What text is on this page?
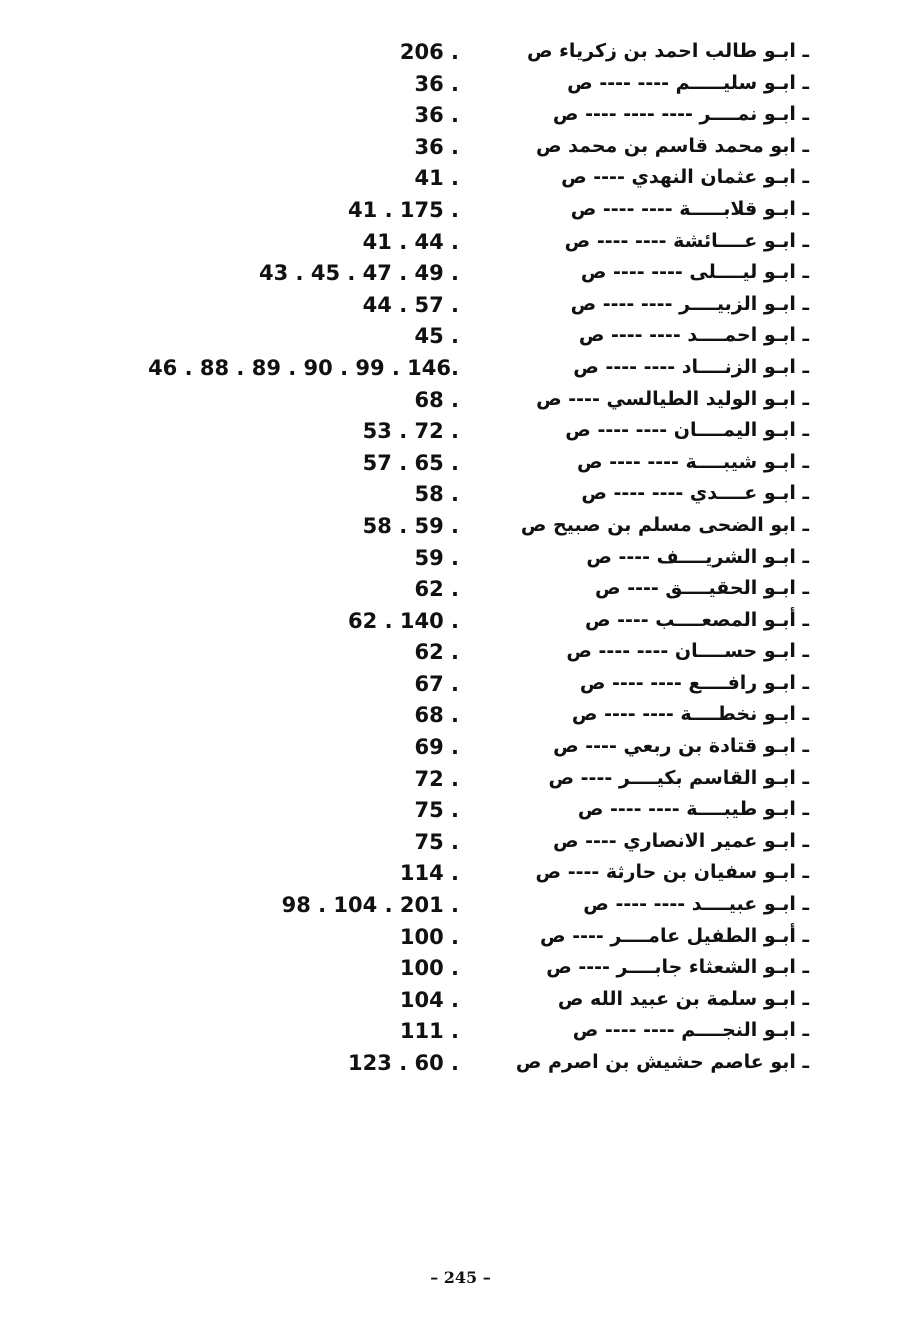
ـ ابـو طالب احمد بن زكرياء ص
206 .
ـ ابـو سليـــــم ---- ---- ص
36 .
ـ ابـو نمــــر ---- ---- ---- ص
36 .
ـ ابو محمد قاسم بن محمد ص
36 .
ـ ابـو عثمان النهدي ---- ص
41 .
ـ ابـو قلابـــــة ---- ---- ص
41 . 175 .
ـ ابـو عــــائشة ---- ---- ص
41 . 44 .
ـ ابـو ليــــلى ---- ---- ص
43 . 45 . 47 . 49 .
ـ ابـو الزبيــــر ---- ---- ص
44 . 57 .
ـ ابـو احمــــد ---- ---- ص
45 .
ـ ابـو الزنــــاد ---- ---- ص
46 . 88 . 89 . 90 . 99 . 146.
ـ ابـو الوليد الطيالسي ---- ص
68 .
ـ ابـو اليمــــان ---- ---- ص
53 . 72 .
ـ ابـو شيبــــة ---- ---- ص
57 . 65 .
ـ ابـو عــــدي ---- ---- ص
58 .
ـ ابو الضحى مسلم بن صبيح ص
58 . 59 .
ـ ابـو الشريــــف ---- ص
59 .
ـ ابـو الحقيــــق ---- ص
62 .
ـ أبـو المصعــــب ---- ص
62 . 140 .
ـ ابـو حســــان ---- ---- ص
62 .
ـ ابـو رافــــع ---- ---- ص
67 .
ـ ابـو نخطــــة ---- ---- ص
68 .
ـ ابـو قتادة بن ربعي ---- ص
69 .
ـ ابـو القاسم بكيــــر ---- ص
72 .
ـ ابـو طيبــــة ---- ---- ص
75 .
ـ ابـو عمير الانصاري ---- ص
75 .
ـ ابـو سفيان بن حارثة ---- ص
114 .
ـ ابـو عبيــــد ---- ---- ص
98 . 104 . 201 .
ـ أبـو الطفيل عامــــر ---- ص
100 .
ـ ابـو الشعثاء جابــــر ---- ص
100 .
ـ ابـو سلمة بن عبيد الله ص
104 .
ـ ابـو النجــــم ---- ---- ص
111 .
ـ ابو عاصم حشيش بن اصرم ص
123 . 60 .
– 245 –
